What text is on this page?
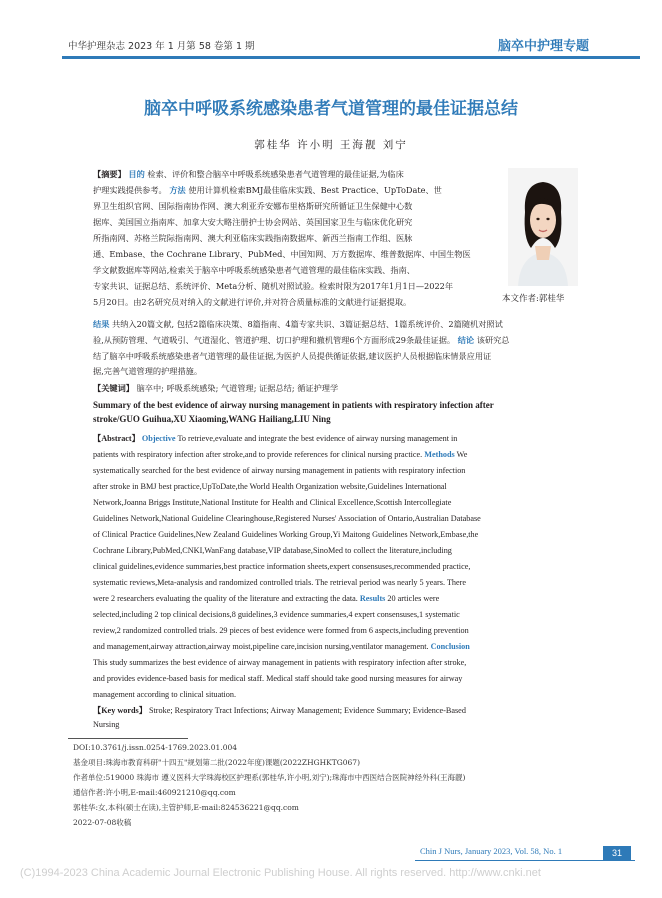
中华护理杂志 2023 年 1 月第 58 卷第 1 期	脑卒中护理专题
脑卒中呼吸系统感染患者气道管理的最佳证据总结
郭桂华 许小明 王海靓 刘宁
【摘要】 目的 检索、评价和整合脑卒中呼吸系统感染患者气道管理的最佳证据,为临床
护理实践提供参考。 方法 使用计算机检索BMJ最佳临床实践、Best Practice、UpToDate、世
界卫生组织官网、国际指南协作网、澳大利亚乔安娜布里格斯研究所循证卫生保健中心数
据库、美国国立指南库、加拿大安大略注册护士协会网站、英国国家卫生与临床优化研究
所指南网、苏格兰院际指南网、澳大利亚临床实践指南数据库、新西兰指南工作组、医脉
通、Embase、the Cochrane Library、PubMed、中国知网、万方数据库、维普数据库、中国生物医
学文献数据库等网站,检索关于脑卒中呼吸系统感染患者气道管理的最佳临床实践、指南、
专家共识、证据总结、系统评价、Meta分析、随机对照试验。检索时限为2017年1月1日—2022年
5月20日。由2名研究员对纳入的文献进行评价,并对符合质量标准的文献进行证据提取。	本文作者:郭桂华
结果 共纳入20篇文献, 包括2篇临床决策、8篇指南、4篇专家共识、3篇证据总结、1篇系统评价、2篇随机对照试
验,从预防管理、气道吸引、气道湿化、管道护理、切口护理和撤机管理6个方面形成29条最佳证据。 结论 该研究总
结了脑卒中呼吸系统感染患者气道管理的最佳证据,为医护人员提供循证依据,建议医护人员根据临床情景应用证
据,完善气道管理的护理措施。
【关键词】 脑卒中; 呼吸系统感染; 气道管理; 证据总结; 循证护理学
Summary of the best evidence of airway nursing management in patients with respiratory infection after
stroke/GUO Guihua,XU Xiaoming,WANG Hailiang,LIU Ning
【Abstract】 Objective To retrieve,evaluate and integrate the best evidence of airway nursing management in
patients with respiratory infection after stroke,and to provide references for clinical nursing practice. Methods We
systematically searched for the best evidence of airway nursing management in patients with respiratory infection
after stroke in BMJ best practice,UpToDate,the World Health Organization website,Guidelines International
Network,Joanna Briggs Institute,National Institute for Health and Clinical Excellence,Scottish Intercollegiate
Guidelines Network,National Guideline Clearinghouse,Registered Nurses' Association of Ontario,Australian Database
of Clinical Practice Guidelines,New Zealand Guidelines Working Group,Yi Maitong Guidelines Network,Embase,the
Cochrane Library,PubMed,CNKI,WanFang database,VIP database,SinoMed to collect the literature,including
clinical guidelines,evidence summaries,best practice information sheets,expert consensuses,recommended practice,
systematic reviews,Meta-analysis and randomized controlled trials. The retrieval period was nearly 5 years. There
were 2 researchers evaluating the quality of the literature and extracting the data. Results 20 articles were
selected,including 2 top clinical decisions,8 guidelines,3 evidence summaries,4 expert consensuses,1 systematic
review,2 randomized controlled trials. 29 pieces of best evidence were formed from 6 aspects,including prevention
and management,airway attraction,airway moist,pipeline care,incision nursing,ventilator management. Conclusion
This study summarizes the best evidence of airway management in patients with respiratory infection after stroke,
and provides evidence-based basis for medical staff. Medical staff should take good nursing measures for airway
management according to clinical situation.
【Key words】 Stroke; Respiratory Tract Infections; Airway Management; Evidence Summary; Evidence-Based
Nursing
DOI:10.3761/j.issn.0254-1769.2023.01.004
基金项目:珠海市教育科研"十四五"规划第二批(2022年度)课题(2022ZHGHKTG067)
作者单位:519000 珠海市 遵义医科大学珠海校区护理系(郭桂华,许小明,刘宁);珠海市中西医结合医院神经外科(王海靓)
通信作者:许小明,E-mail:460921210@qq.com
郭桂华:女,本科(硕士在读),主管护师,E-mail:824536221@qq.com
2022-07-08收稿
Chin J Nurs, January 2023, Vol. 58, No. 1	31
(C)1994-2023 China Academic Journal Electronic Publishing House. All rights reserved. http://www.cnki.net
